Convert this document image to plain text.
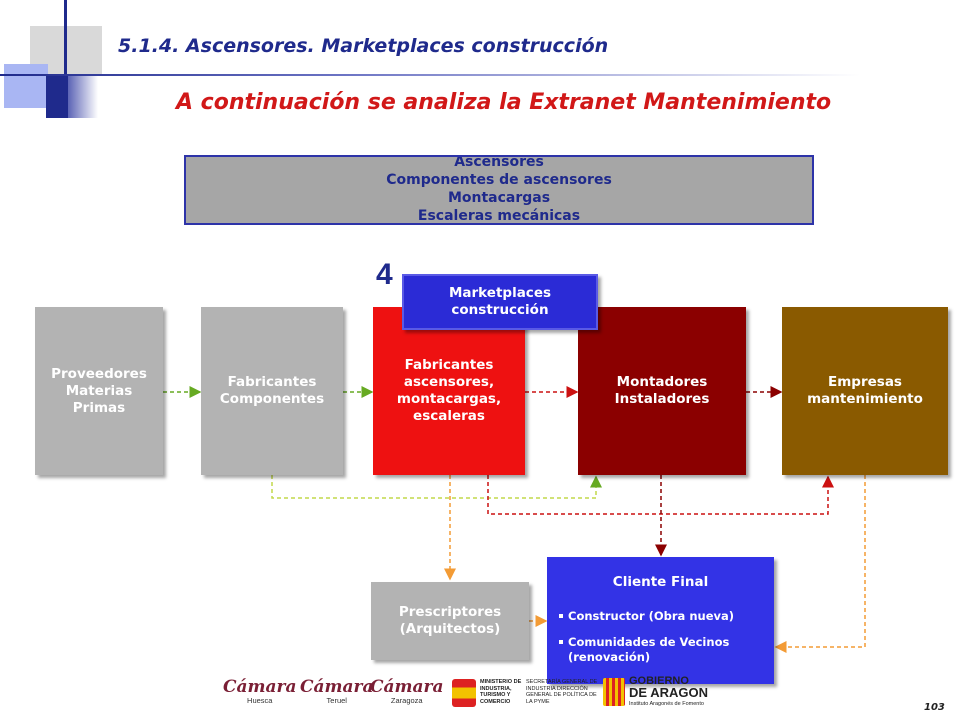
5.1.4. Ascensores. Marketplaces construcción
A continuación se analiza la Extranet Mantenimiento
Ascensores
Componentes de ascensores
Montacargas
Escaleras mecánicas
Proveedores
Materias
Primas
Fabricantes
Componentes
Fabricantes
ascensores,
montacargas,
escaleras
Montadores
Instaladores
Empresas
mantenimiento
4
Marketplaces
construcción
Prescriptores
(Arquitectos)
Cliente Final
Constructor (Obra nueva)
Comunidades de Vecinos (renovación)
Cámara
Huesca
Cámara
Teruel
Cámara
Zaragoza
MINISTERIO DE INDUSTRIA, TURISMO Y COMERCIO
SECRETARÍA GENERAL DE INDUSTRIA DIRECCIÓN GENERAL DE POLÍTICA DE LA PYME
GOBIERNO
DE ARAGON
Instituto Aragonés de Fomento	103
